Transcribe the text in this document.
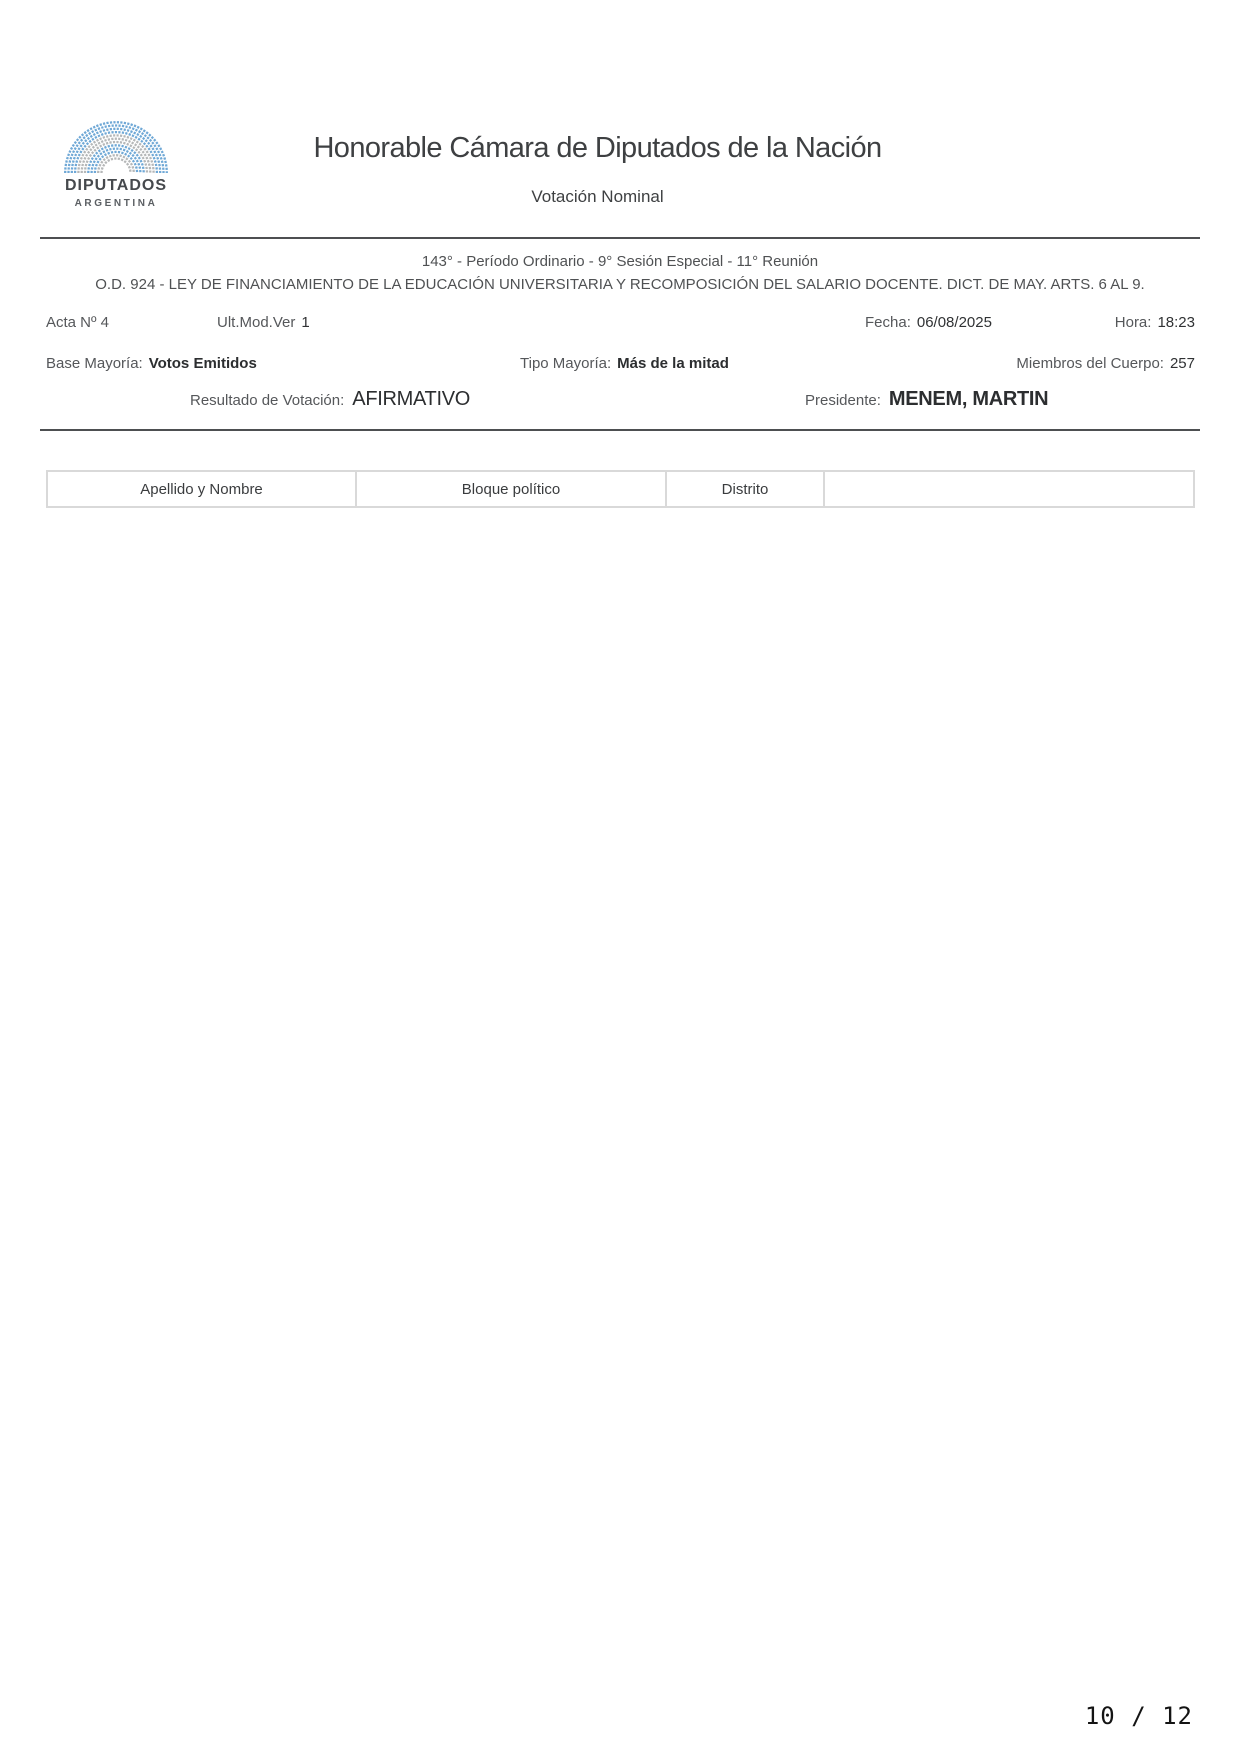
DIPUTADOS
ARGENTINA
Honorable Cámara de Diputados de la Nación
Votación Nominal
143° - Período Ordinario - 9° Sesión Especial - 11° Reunión
O.D. 924 - LEY DE FINANCIAMIENTO DE LA EDUCACIÓN UNIVERSITARIA Y RECOMPOSICIÓN DEL SALARIO DOCENTE. DICT. DE MAY. ARTS. 6 AL 9.
Acta Nº 4	Ult.Mod.Ver 1	Fecha: 06/08/2025	Hora: 18:23
Base Mayoría: Votos Emitidos	Tipo Mayoría: Más de la mitad	Miembros del Cuerpo: 257
Resultado de Votación: AFIRMATIVO	Presidente: MENEM, MARTIN
Apellido y Nombre	Bloque político	Distrito	
10 / 12
